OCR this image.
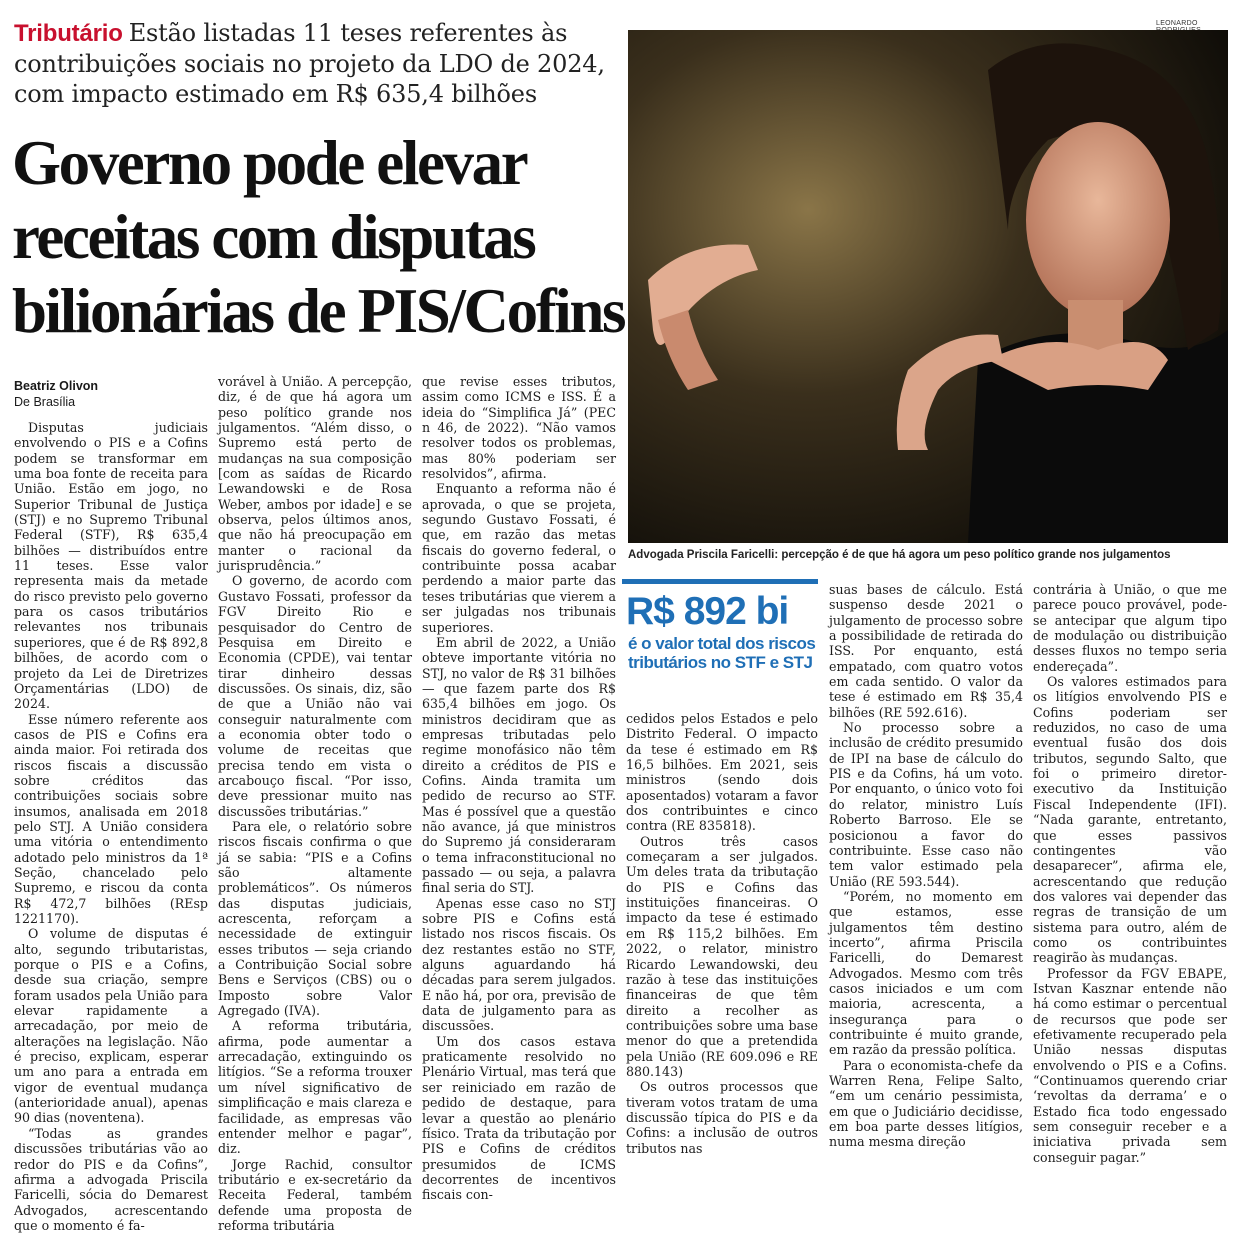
Tributário Estão listadas 11 teses referentes às contribuições sociais no projeto da LDO de 2024, com impacto estimado em R$ 635,4 bilhões
Governo pode elevar receitas com disputas bilionárias de PIS/Cofins
LEONARDO
Advogada Priscila Faricelli: percepção é de que há agora um peso político grande nos julgamentos
Beatriz Olivon
De Brasília

Disputas judiciais envolvendo o PIS e a Cofins podem se transformar em uma boa fonte de receita para União. Estão em jogo, no Superior Tribunal de Justiça (STJ) e no Supremo Tribunal Federal (STF), R$ 635,4 bilhões — distribuídos entre 11 teses. Esse valor representa mais da metade do risco previsto pelo governo para os casos tributários relevantes nos tribunais superiores, que é de R$ 892,8 bilhões, de acordo com o projeto da Lei de Diretrizes Orçamentárias (LDO) de 2024.

Esse número referente aos casos de PIS e Cofins era ainda maior. Foi retirada dos riscos fiscais a discussão sobre créditos das contribuições sociais sobre insumos, analisada em 2018 pelo STJ. A União considera uma vitória o entendimento adotado pelo ministros da 1ª Seção, chancelado pelo Supremo, e riscou da conta R$ 472,7 bilhões (REsp 1221170).

O volume de disputas é alto, segundo tributaristas, porque o PIS e a Cofins, desde sua criação, sempre foram usados pela União para elevar rapidamente a arrecadação, por meio de alterações na legislação. Não é preciso, explicam, esperar um ano para a entrada em vigor de eventual mudança (anterioridade anual), apenas 90 dias (noventena).

“Todas as grandes discussões tributárias vão ao redor do PIS e da Cofins”, afirma a advogada Priscila Faricelli, sócia do Demarest Advogados, acrescentando que o momento é fa-

vorável à União. A percepção, diz, é de que há agora um peso político grande nos julgamentos. “Além disso, o Supremo está perto de mudanças na sua composição [com as saídas de Ricardo Lewandowski e de Rosa Weber, ambos por idade] e se observa, pelos últimos anos, que não há preocupação em manter o racional da jurisprudência.”

O governo, de acordo com Gustavo Fossati, professor da FGV Direito Rio e pesquisador do Centro de Pesquisa em Direito e Economia (CPDE), vai tentar tirar dinheiro dessas discussões. Os sinais, diz, são de que a União não vai conseguir naturalmente com a economia obter todo o volume de receitas que precisa tendo em vista o arcabouço fiscal. “Por isso, deve pressionar muito nas discussões tributárias.”

Para ele, o relatório sobre riscos fiscais confirma o que já se sabia: “PIS e a Cofins são altamente problemáticos”. Os números das disputas judiciais, acrescenta, reforçam a necessidade de extinguir esses tributos — seja criando a Contribuição Social sobre Bens e Serviços (CBS) ou o Imposto sobre Valor Agregado (IVA).

A reforma tributária, afirma, pode aumentar a arrecadação, extinguindo os litígios. “Se a reforma trouxer um nível significativo de simplificação e mais clareza e facilidade, as empresas vão entender melhor e pagar”, diz.

Jorge Rachid, consultor tributário e ex-secretário da Receita Federal, também defende uma proposta de reforma tributária

que revise esses tributos, assim como ICMS e ISS. É a ideia do “Simplifica Já” (PEC n 46, de 2022). “Não vamos resolver todos os problemas, mas 80% poderiam ser resolvidos”, afirma.

Enquanto a reforma não é aprovada, o que se projeta, segundo Gustavo Fossati, é que, em razão das metas fiscais do governo federal, o contribuinte possa acabar perdendo a maior parte das teses tributárias que vierem a ser julgadas nos tribunais superiores.

Em abril de 2022, a União obteve importante vitória no STJ, no valor de R$ 31 bilhões — que fazem parte dos R$ 635,4 bilhões em jogo. Os ministros decidiram que as empresas tributadas pelo regime monofásico não têm direito a créditos de PIS e Cofins. Ainda tramita um pedido de recurso ao STF. Mas é possível que a questão não avance, já que ministros do Supremo já consideraram o tema infraconstitucional no passado — ou seja, a palavra final seria do STJ.

Apenas esse caso no STJ sobre PIS e Cofins está listado nos riscos fiscais. Os dez restantes estão no STF, alguns aguardando há décadas para serem julgados. E não há, por ora, previsão de data de julgamento para as discussões.

Um dos casos estava praticamente resolvido no Plenário Virtual, mas terá que ser reiniciado em razão de pedido de destaque, para levar a questão ao plenário físico. Trata da tributação por PIS e Cofins de créditos presumidos de ICMS decorrentes de incentivos fiscais con-

R$ 892 bi
é o valor total dos riscos tributários no STF e STJ

cedidos pelos Estados e pelo Distrito Federal. O impacto da tese é estimado em R$ 16,5 bilhões. Em 2021, seis ministros (sendo dois aposentados) votaram a favor dos contribuintes e cinco contra (RE 835818).

Outros três casos começaram a ser julgados. Um deles trata da tributação do PIS e Cofins das instituições financeiras. O impacto da tese é estimado em R$ 115,2 bilhões. Em 2022, o relator, ministro Ricardo Lewandowski, deu razão à tese das instituições financeiras de que têm direito a recolher as contribuições sobre uma base menor do que a pretendida pela União (RE 609.096 e RE 880.143)

Os outros processos que tiveram votos tratam de uma discussão típica do PIS e da Cofins: a inclusão de outros tributos nas

suas bases de cálculo. Está suspenso desde 2021 o julgamento de processo sobre a possibilidade de retirada do ISS. Por enquanto, está empatado, com quatro votos em cada sentido. O valor da tese é estimado em R$ 35,4 bilhões (RE 592.616).

No processo sobre a inclusão de crédito presumido de IPI na base de cálculo do PIS e da Cofins, há um voto. Por enquanto, o único voto foi do relator, ministro Luís Roberto Barroso. Ele se posicionou a favor do contribuinte. Esse caso não tem valor estimado pela União (RE 593.544).

“Porém, no momento em que estamos, esse julgamentos têm destino incerto”, afirma Priscila Faricelli, do Demarest Advogados. Mesmo com três casos iniciados e um com maioria, acrescenta, a insegurança para o contribuinte é muito grande, em razão da pressão política.

Para o economista-chefe da Warren Rena, Felipe Salto, “em um cenário pessimista, em que o Judiciário decidisse, em boa parte desses litígios, numa mesma direção

contrária à União, o que me parece pouco provável, pode-se antecipar que algum tipo de modulação ou distribuição desses fluxos no tempo seria endereçada”.

Os valores estimados para os litígios envolvendo PIS e Cofins poderiam ser reduzidos, no caso de uma eventual fusão dos dois tributos, segundo Salto, que foi o primeiro diretor-executivo da Instituição Fiscal Independente (IFI). “Nada garante, entretanto, que esses passivos contingentes vão desaparecer”, afirma ele, acrescentando que redução dos valores vai depender das regras de transição de um sistema para outro, além de como os contribuintes reagirão às mudanças.

Professor da FGV EBAPE, Istvan Kasznar entende não há como estimar o percentual de recursos que pode ser efetivamente recuperado pela União nessas disputas envolvendo o PIS e a Cofins. “Continuamos querendo criar ‘revoltas da derrama’ e o Estado fica todo engessado sem conseguir receber e a iniciativa privada sem conseguir pagar.”
